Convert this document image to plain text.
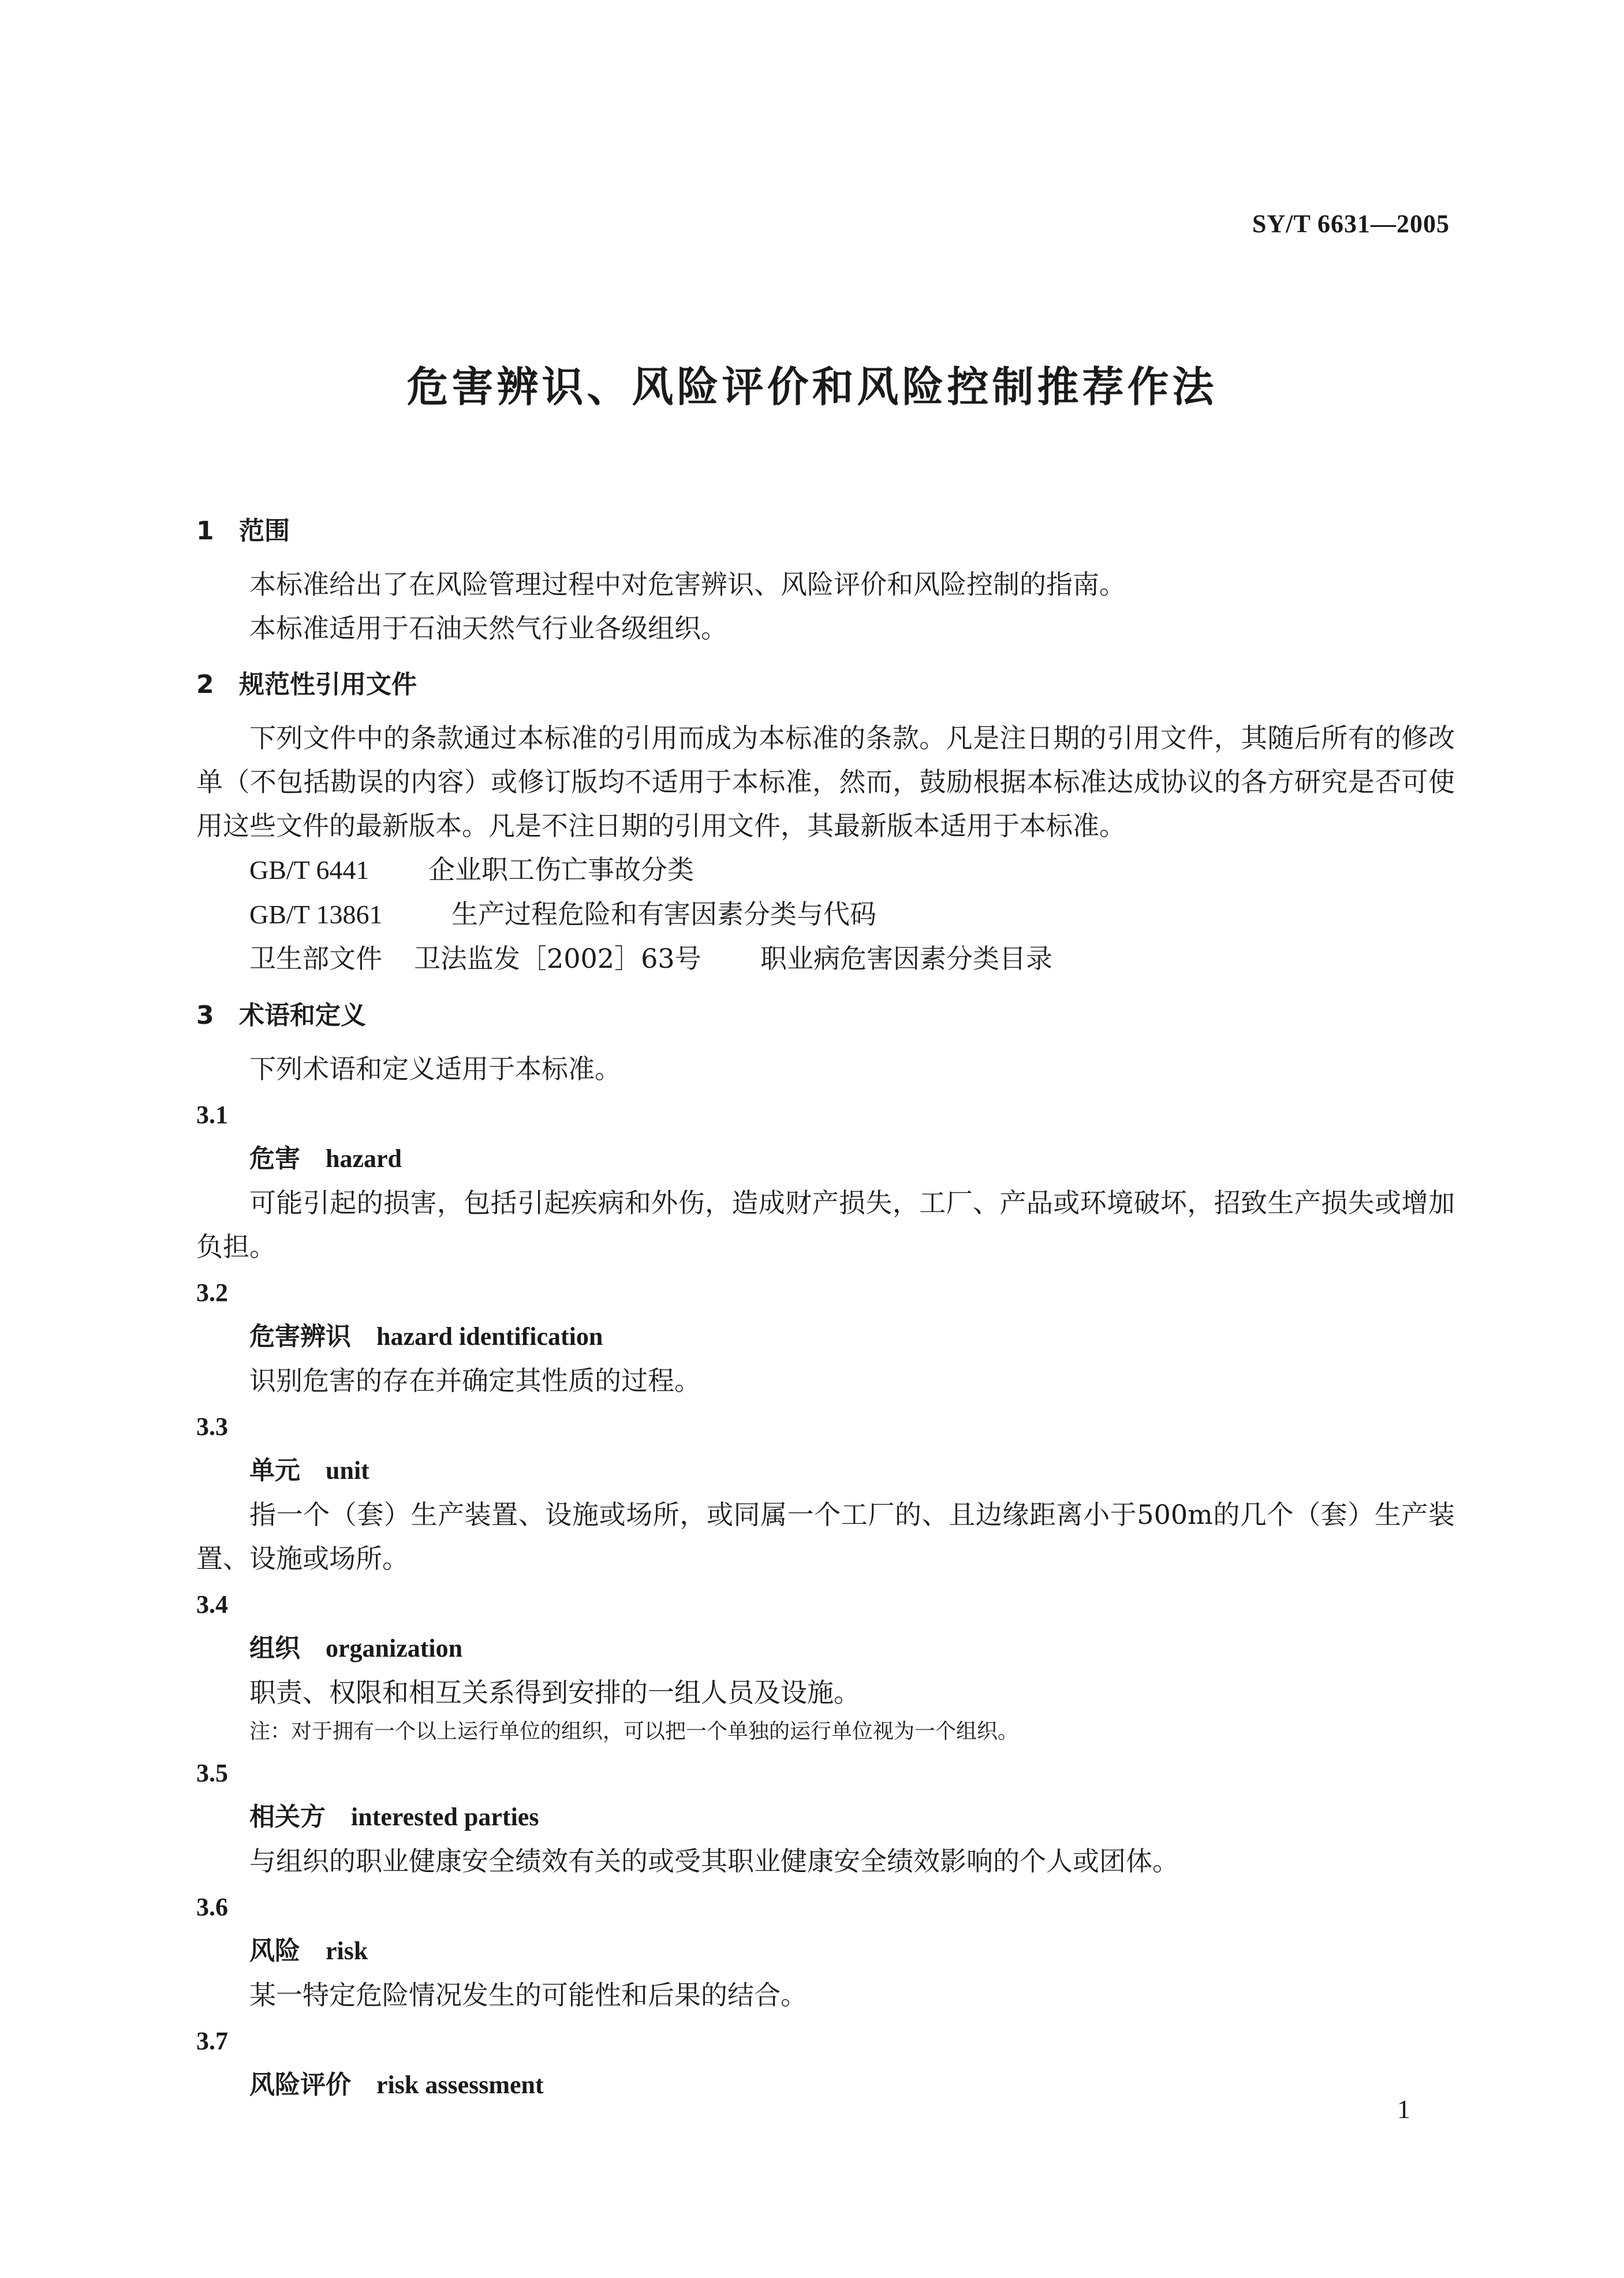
SY/T 6631—2005
危害辨识、风险评价和风险控制推荐作法
1 范围

本标准给出了在风险管理过程中对危害辨识、风险评价和风险控制的指南。

本标准适用于石油天然气行业各级组织。

2 规范性引用文件

下列文件中的条款通过本标准的引用而成为本标准的条款。凡是注日期的引用文件，其随后所有的修改单（不包括勘误的内容）或修订版均不适用于本标准，然而，鼓励根据本标准达成协议的各方研究是否可使用这些文件的最新版本。凡是不注日期的引用文件，其最新版本适用于本标准。

GB/T 6441 企业职工伤亡事故分类
GB/T 13861	生产过程危险和有害因素分类与代码
卫生部文件 卫法监发［2002］63号 职业病危害因素分类目录
3 术语和定义

下列术语和定义适用于本标准。

3.1
危害 hazard

可能引起的损害，包括引起疾病和外伤，造成财产损失，工厂、产品或环境破坏，招致生产损失或增加负担。

3.2
危害辨识 hazard identification

识别危害的存在并确定其性质的过程。

3.3
单元 unit

指一个（套）生产装置、设施或场所，或同属一个工厂的、且边缘距离小于500m的几个（套）生产装置、设施或场所。

3.4
组织 organization

职责、权限和相互关系得到安排的一组人员及设施。

注：对于拥有一个以上运行单位的组织，可以把一个单独的运行单位视为一个组织。
3.5
相关方 interested parties

与组织的职业健康安全绩效有关的或受其职业健康安全绩效影响的个人或团体。

3.6
风险 risk

某一特定危险情况发生的可能性和后果的结合。

3.7
风险评价 risk assessment
1
